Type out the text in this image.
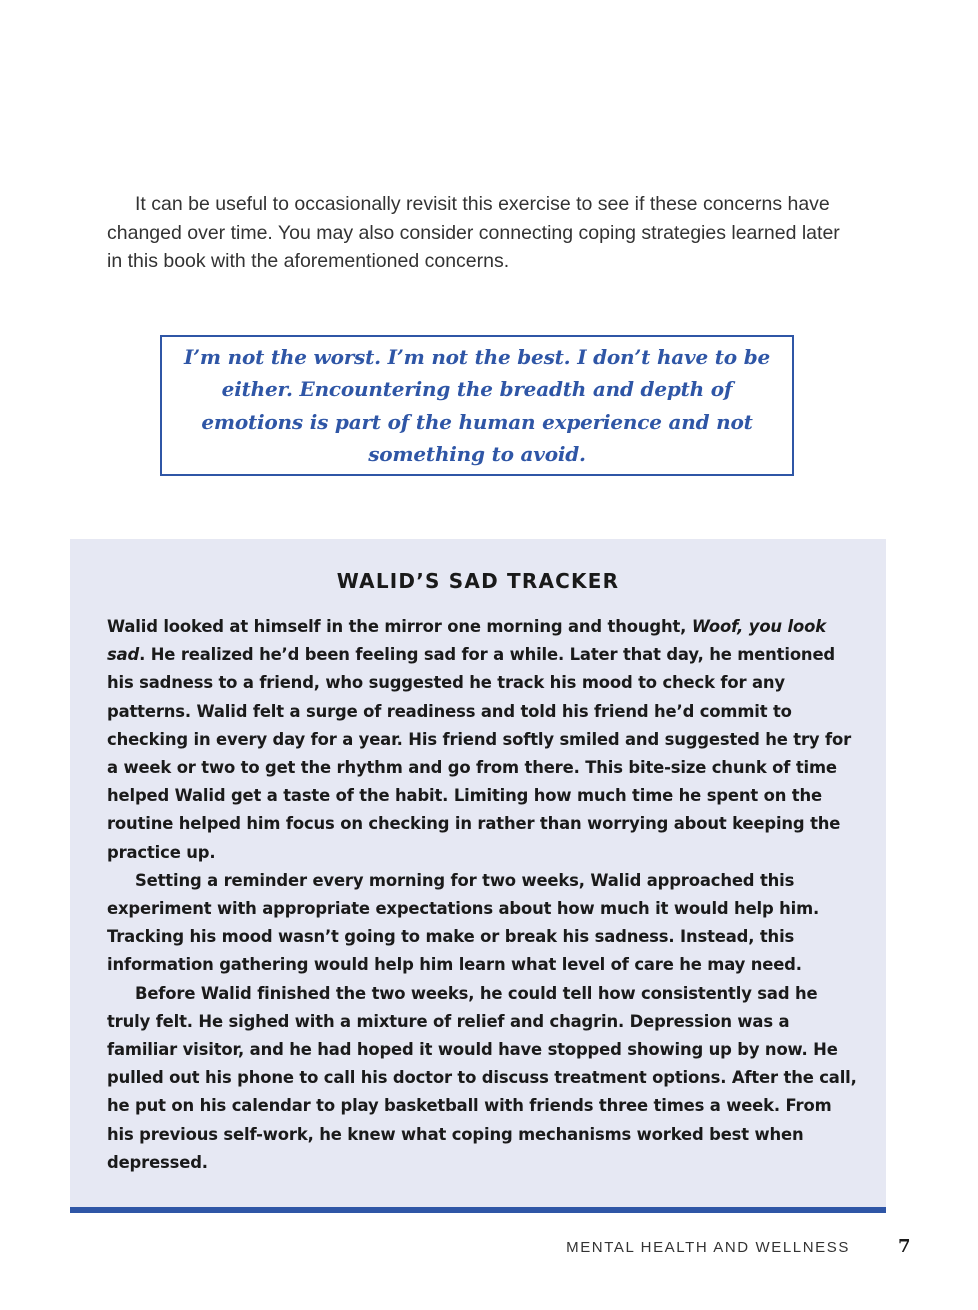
It can be useful to occasionally revisit this exercise to see if these concerns have changed over time. You may also consider connecting coping strategies learned later in this book with the aforementioned concerns.

I’m not the worst. I’m not the best. I don’t have to be either. Encountering the breadth and depth of emotions is part of the human experience and not something to avoid.

WALID’S SAD TRACKER

Walid looked at himself in the mirror one morning and thought, Woof, you look sad. He realized he’d been feeling sad for a while. Later that day, he mentioned his sadness to a friend, who suggested he track his mood to check for any patterns. Walid felt a surge of readiness and told his friend he’d commit to checking in every day for a year. His friend softly smiled and suggested he try for a week or two to get the rhythm and go from there. This bite-size chunk of time helped Walid get a taste of the habit. Limiting how much time he spent on the routine helped him focus on checking in rather than worrying about keeping the practice up.

Setting a reminder every morning for two weeks, Walid approached this experiment with appropriate expectations about how much it would help him. Tracking his mood wasn’t going to make or break his sadness. Instead, this information gathering would help him learn what level of care he may need.

Before Walid finished the two weeks, he could tell how consistently sad he truly felt. He sighed with a mixture of relief and chagrin. Depression was a familiar visitor, and he had hoped it would have stopped showing up by now. He pulled out his phone to call his doctor to discuss treatment options. After the call, he put on his calendar to play basketball with friends three times a week. From his previous self-work, he knew what coping mechanisms worked best when depressed.

MENTAL HEALTH AND WELLNESS	7
